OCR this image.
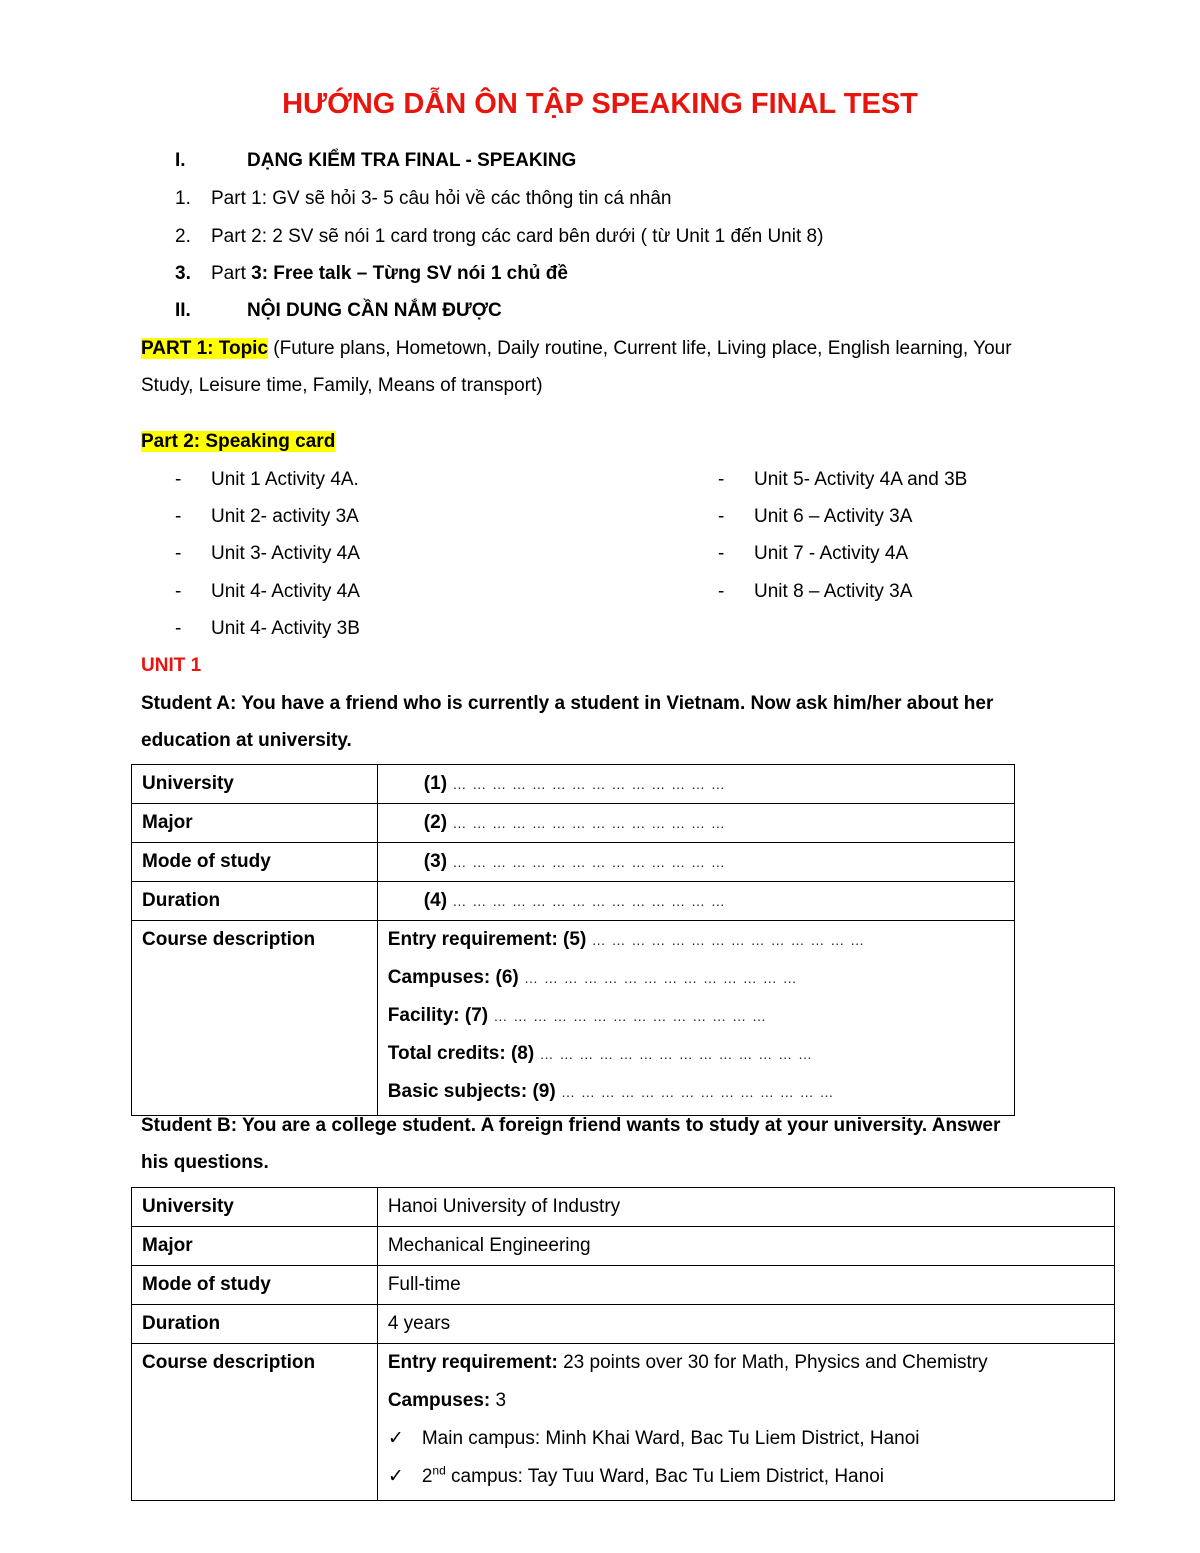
HƯỚNG DẪN ÔN TẬP SPEAKING FINAL TEST
I.	DẠNG KIỂM TRA FINAL - SPEAKING
1. Part 1: GV sẽ hỏi 3- 5 câu hỏi về các thông tin cá nhân
2. Part 2: 2 SV sẽ nói 1 card trong các card bên dưới ( từ Unit 1 đến Unit 8)
3. Part 3: Free talk – Từng SV nói 1 chủ đề
II.	NỘI DUNG CẦN NẮM ĐƯỢC
PART 1: Topic (Future plans, Hometown, Daily routine, Current life, Living place, English learning, Your
Study, Leisure time, Family, Means of transport)
Part 2: Speaking card
- Unit 1 Activity 4A.
- Unit 2- activity 3A
- Unit 3- Activity 4A
- Unit 4- Activity 4A
- Unit 4- Activity 3B
- Unit 5- Activity 4A and 3B
- Unit 6 – Activity 3A
- Unit 7 - Activity 4A
- Unit 8 – Activity 3A
UNIT 1
Student A: You have a friend who is currently a student in Vietnam. Now ask him/her about her
education at university.
University	(1) … … … … … … … … … … … … … …
Major	(2) … … … … … … … … … … … … … …
Mode of study	(3) … … … … … … … … … … … … … …
Duration	(4) … … … … … … … … … … … … … …
Course description	Entry requirement: (5) … … … … … … … … … … … … … …
Campuses: (6) … … … … … … … … … … … … … …
Facility: (7) … … … … … … … … … … … … … …
Total credits: (8) … … … … … … … … … … … … … …
Basic subjects: (9) … … … … … … … … … … … … … …
Student B: You are a college student. A foreign friend wants to study at your university. Answer
his questions.
University	Hanoi University of Industry
Major	Mechanical Engineering
Mode of study	Full-time
Duration	4 years
Course description	Entry requirement: 23 points over 30 for Math, Physics and Chemistry
Campuses: 3
✓ Main campus: Minh Khai Ward, Bac Tu Liem District, Hanoi
✓ 2nd campus: Tay Tuu Ward, Bac Tu Liem District, Hanoi
